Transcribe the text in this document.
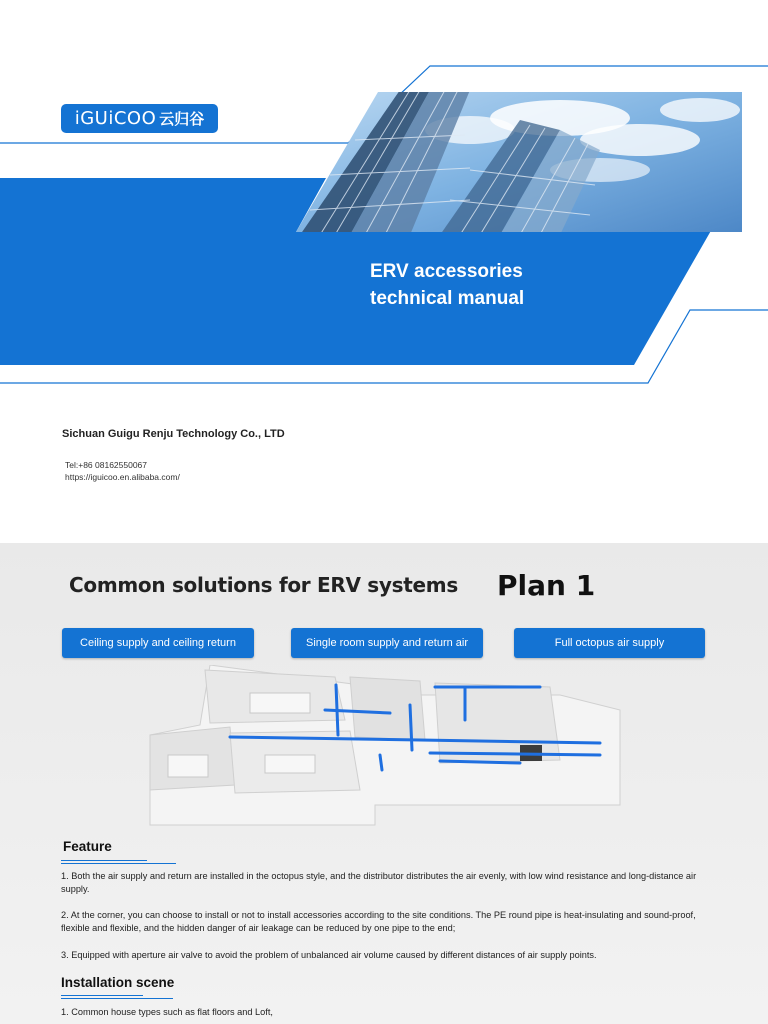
iGUiCOO 云归谷
ERV accessories
technical manual
Sichuan Guigu Renju Technology Co., LTD
Tel:+86 08162550067
https://iguicoo.en.alibaba.com/
Common solutions for ERV systems Plan 1
Ceiling supply and ceiling return	Single room supply and return air	Full octopus air supply
Feature
1. Both the air supply and return are installed in the octopus style, and the distributor distributes the air evenly, with low wind resistance and long-distance air supply.
2. At the corner, you can choose to install or not to install accessories according to the site conditions. The PE round pipe is heat-insulating and sound-proof, flexible and flexible, and the hidden danger of air leakage can be reduced by one pipe to the end;
3. Equipped with aperture air valve to avoid the problem of unbalanced air volume caused by different distances of air supply points.
Installation scene
1. Common house types such as flat floors and Loft,
